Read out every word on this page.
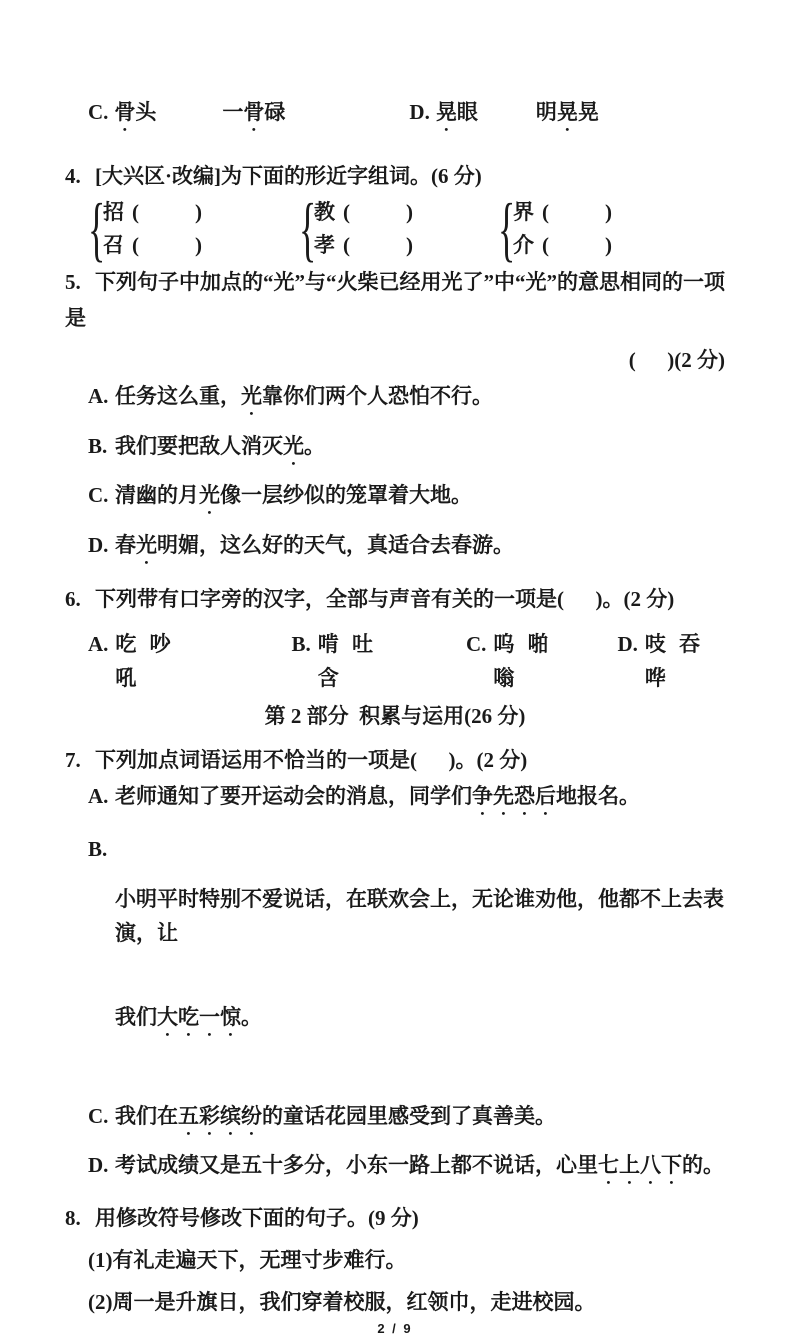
C. 骨头	一骨碌	D. 晃眼	明晃晃
4. [大兴区·改编]为下面的形近字组词。(6 分)
{
招 (	)
召 (	) {
教 (	)
孝 (	) {
界 (	)
介 (	)
5. 下列句子中加点的“光”与“火柴已经用光了”中“光”的意思相同的一项
是
(      )(2 分)
A. 任务这么重，光靠你们两个人恐怕不行。
B. 我们要把敌人消灭光。
C. 清幽的月光像一层纱似的笼罩着大地。
D. 春光明媚，这么好的天气，真适合去春游。
6. 下列带有口字旁的汉字，全部与声音有关的一项是(      )。(2 分)
A. 吃 吵 吼
B. 啃 吐 含
C. 呜 啪 嗡
D. 吱 吞 哗
第 2 部分  积累与运用(26 分)
7. 下列加点词语运用不恰当的一项是(      )。(2 分)
A. 老师通知了要开运动会的消息，同学们争先恐后地报名。
B.

小明平时特别不爱说话，在联欢会上，无论谁劝他，他都不上去表演，让

我们大吃一惊。

C. 我们在五彩缤纷的童话花园里感受到了真善美。
D. 考试成绩又是五十多分，小东一路上都不说话，心里七上八下的。
8. 用修改符号修改下面的句子。(9 分)
(1)有礼走遍天下，无理寸步难行。
(2)周一是升旗日，我们穿着校服，红领巾，走进校园。
2 / 9
